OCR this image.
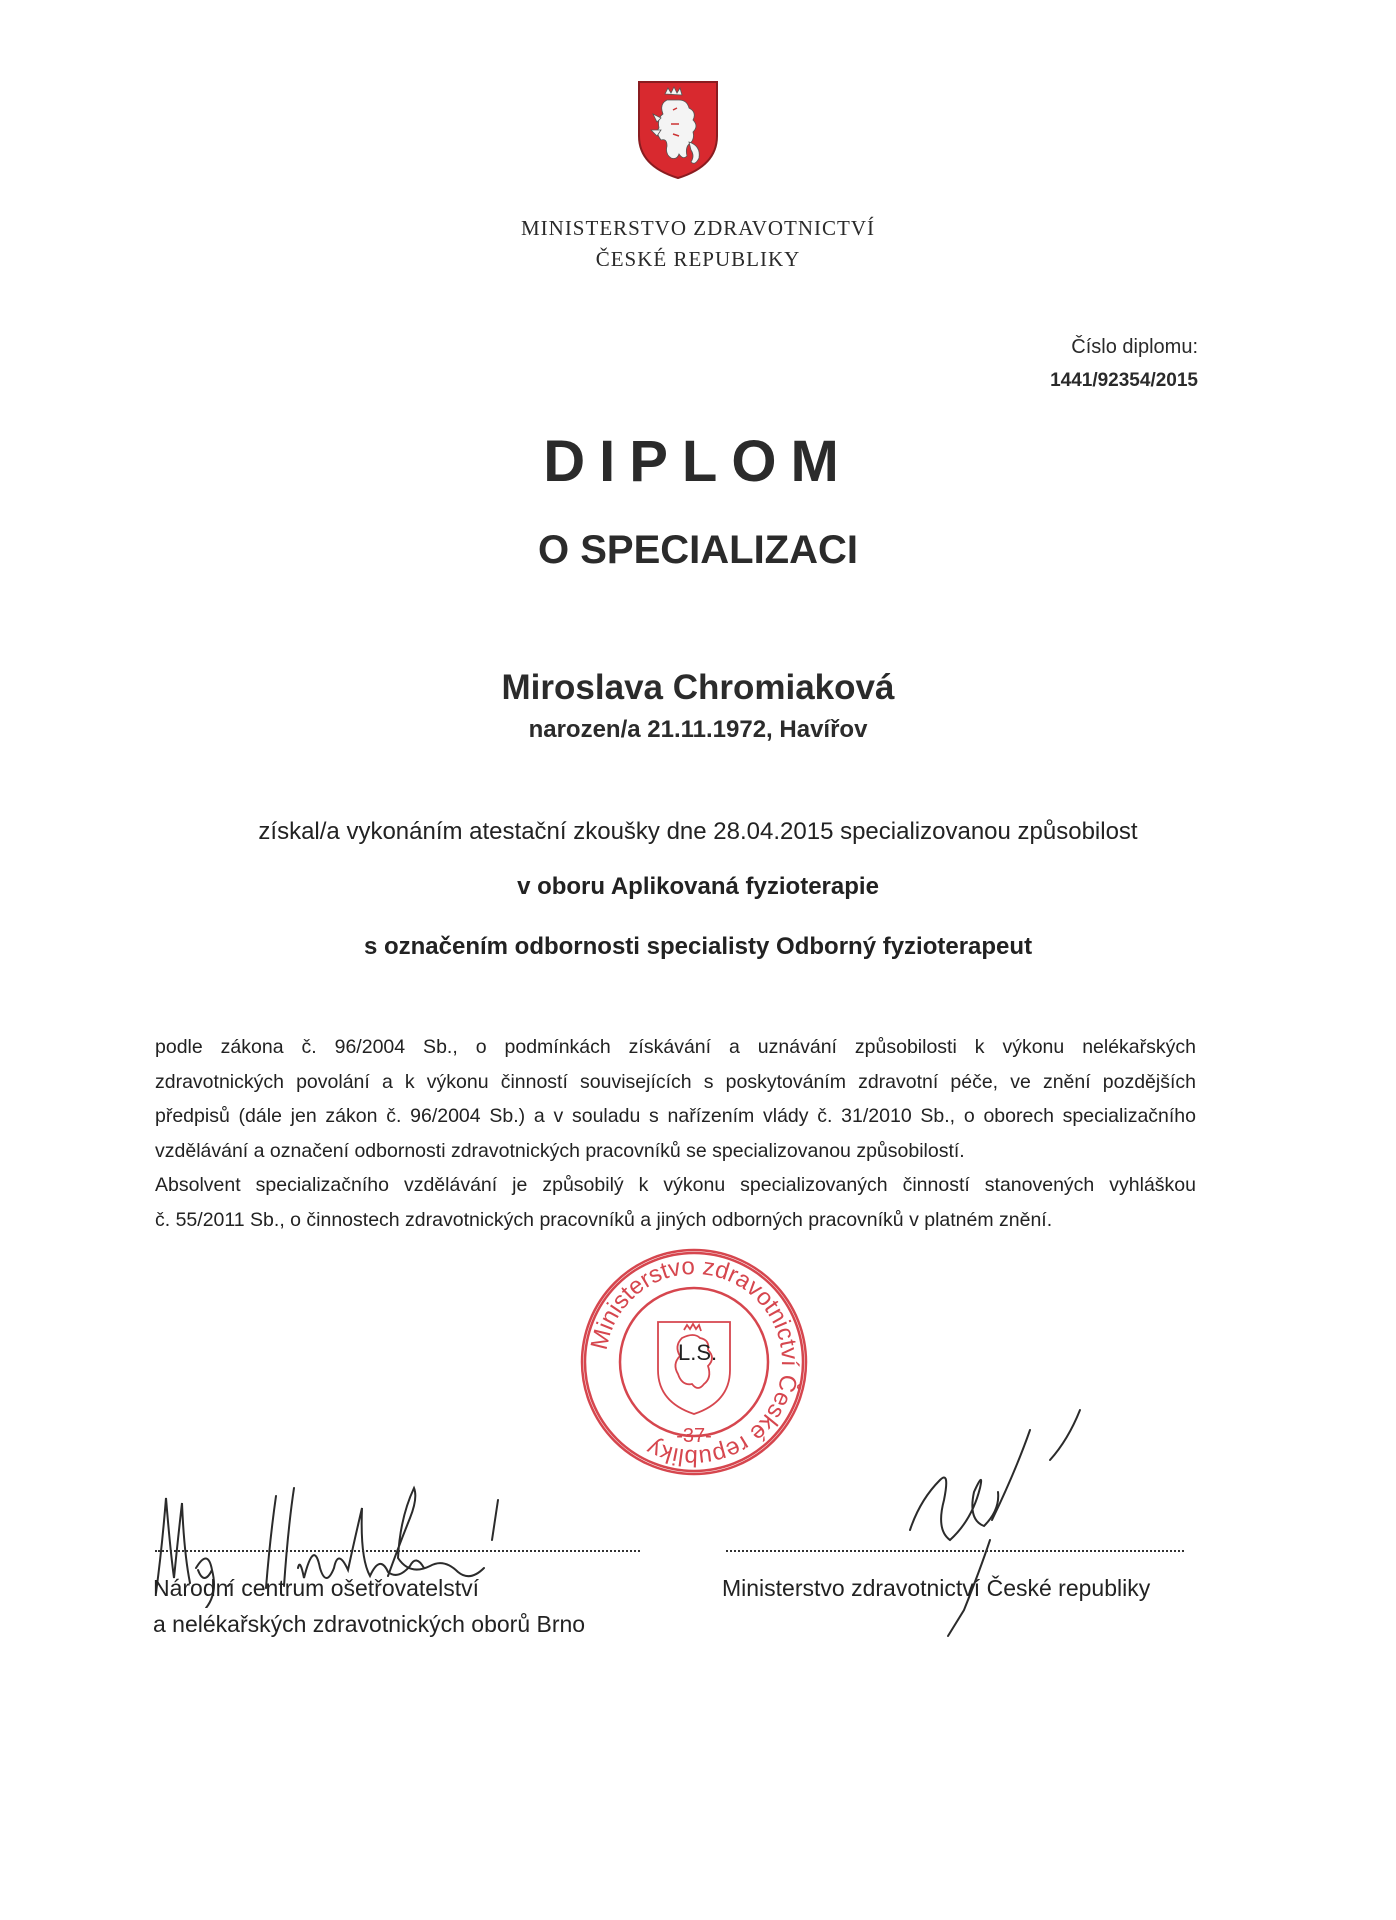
MINISTERSTVO ZDRAVOTNICTVÍ
ČESKÉ REPUBLIKY
Číslo diplomu:
1441/92354/2015
DIPLOM
O SPECIALIZACI
Miroslava Chromiaková
narozen/a 21.11.1972, Havířov
získal/a vykonáním atestační zkoušky dne 28.04.2015 specializovanou způsobilost
v oboru Aplikovaná fyzioterapie
s označením odbornosti specialisty Odborný fyzioterapeut

podle zákona č. 96/2004 Sb., o podmínkách získávání a uznávání způsobilosti k výkonu nelékařských

zdravotnických povolání a k výkonu činností souvisejících s poskytováním zdravotní péče, ve znění pozdějších

předpisů (dále jen zákon č. 96/2004 Sb.) a v souladu s nařízením vlády č. 31/2010 Sb., o oborech specializačního

vzdělávání a označení odbornosti zdravotnických pracovníků se specializovanou způsobilostí.

Absolvent specializačního vzdělávání je způsobilý k výkonu specializovaných činností stanovených vyhláškou

č. 55/2011 Sb., o činnostech zdravotnických pracovníků a jiných odborných pracovníků v platném znění.

Ministerstvo zdravotnictví České republiky
L.S.
-37-
Národní centrum ošetřovatelství
a nelékařských zdravotnických oborů Brno
Ministerstvo zdravotnictví České republiky
